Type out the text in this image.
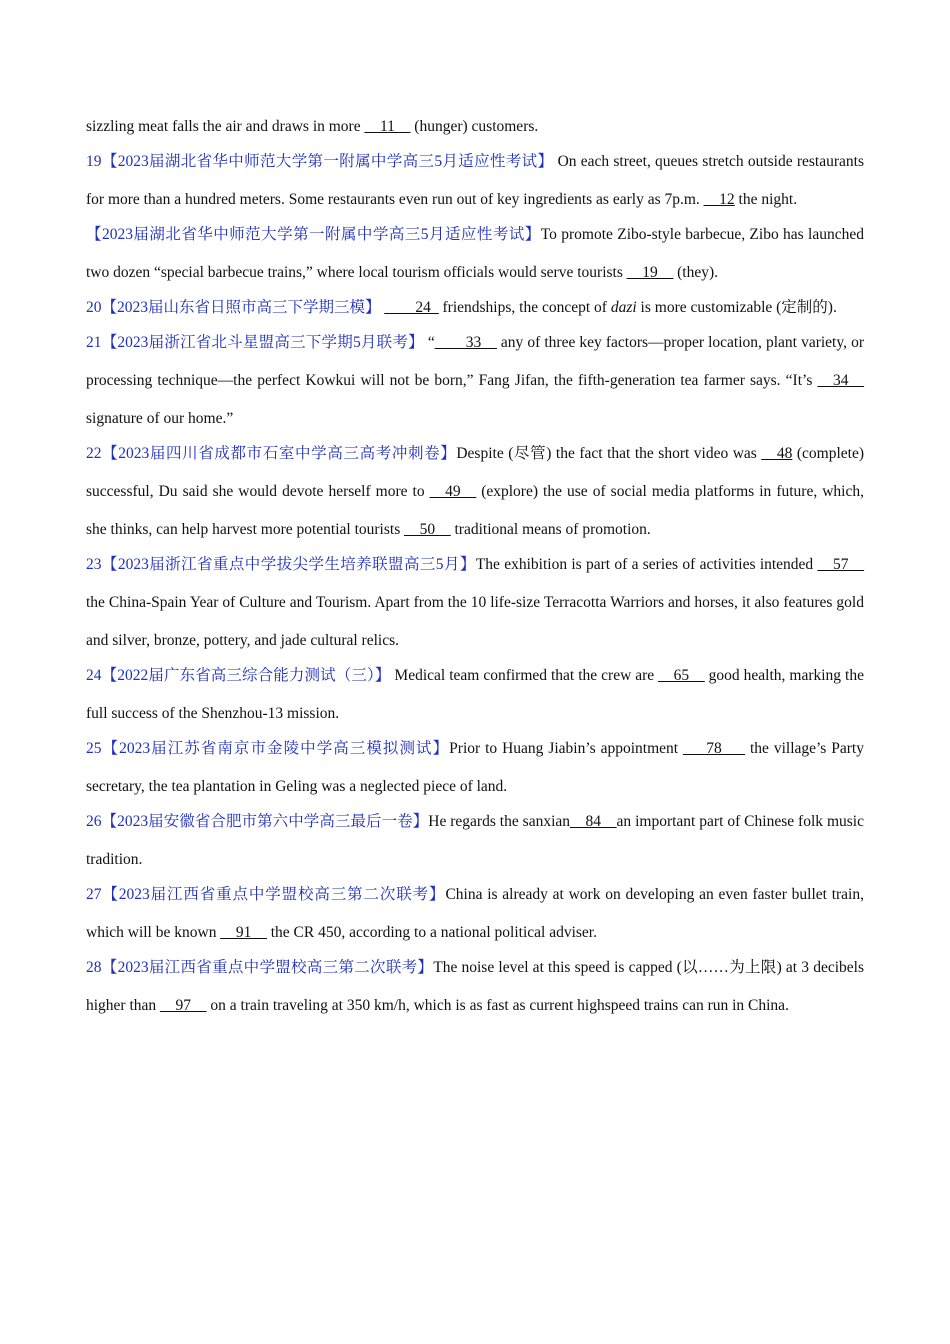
sizzling meat falls the air and draws in more __11__ (hunger) customers.

19【2023届湖北省华中师范大学第一附属中学高三5月适应性考试】 On each street, queues stretch outside restaurants for more than a hundred meters. Some restaurants even run out of key ingredients as early as 7p.m. __12 the night.

【2023届湖北省华中师范大学第一附属中学高三5月适应性考试】To promote Zibo-style barbecue, Zibo has launched two dozen “special barbecue trains,” where local tourism officials would serve tourists __19__ (they).

20【2023届山东省日照市高三下学期三模】 ____24_ friendships, the concept of dazi is more customizable (定制的).

21【2023届浙江省北斗星盟高三下学期5月联考】 “____33__ any of three key factors—proper location, plant variety, or processing technique—the perfect Kowkui will not be born,” Fang Jifan, the fifth-generation tea farmer says. “It’s __34__ signature of our home.”

22【2023届四川省成都市石室中学高三高考冲刺卷】Despite (尽管) the fact that the short video was __48 (complete) successful, Du said she would devote herself more to __49__ (explore) the use of social media platforms in future, which, she thinks, can help harvest more potential tourists __50__ traditional means of promotion.

23【2023届浙江省重点中学拔尖学生培养联盟高三5月】The exhibition is part of a series of activities intended __57__ the China-Spain Year of Culture and Tourism. Apart from the 10 life-size Terracotta Warriors and horses, it also features gold and silver, bronze, pottery, and jade cultural relics.

24【2022届广东省高三综合能力测试（三）】 Medical team confirmed that the crew are __65__ good health, marking the full success of the Shenzhou-13 mission.

25【2023届江苏省南京市金陵中学高三模拟测试】Prior to Huang Jiabin’s appointment ___78___ the village’s Party secretary, the tea plantation in Geling was a neglected piece of land.

26【2023届安徽省合肥市第六中学高三最后一卷】He regards the sanxian__84__an important part of Chinese folk music tradition.

27【2023届江西省重点中学盟校高三第二次联考】China is already at work on developing an even faster bullet train, which will be known __91__ the CR 450, according to a national political adviser.

28【2023届江西省重点中学盟校高三第二次联考】The noise level at this speed is capped (以……为上限) at 3 decibels higher than __97__ on a train traveling at 350 km/h, which is as fast as current highspeed trains can run in China.
